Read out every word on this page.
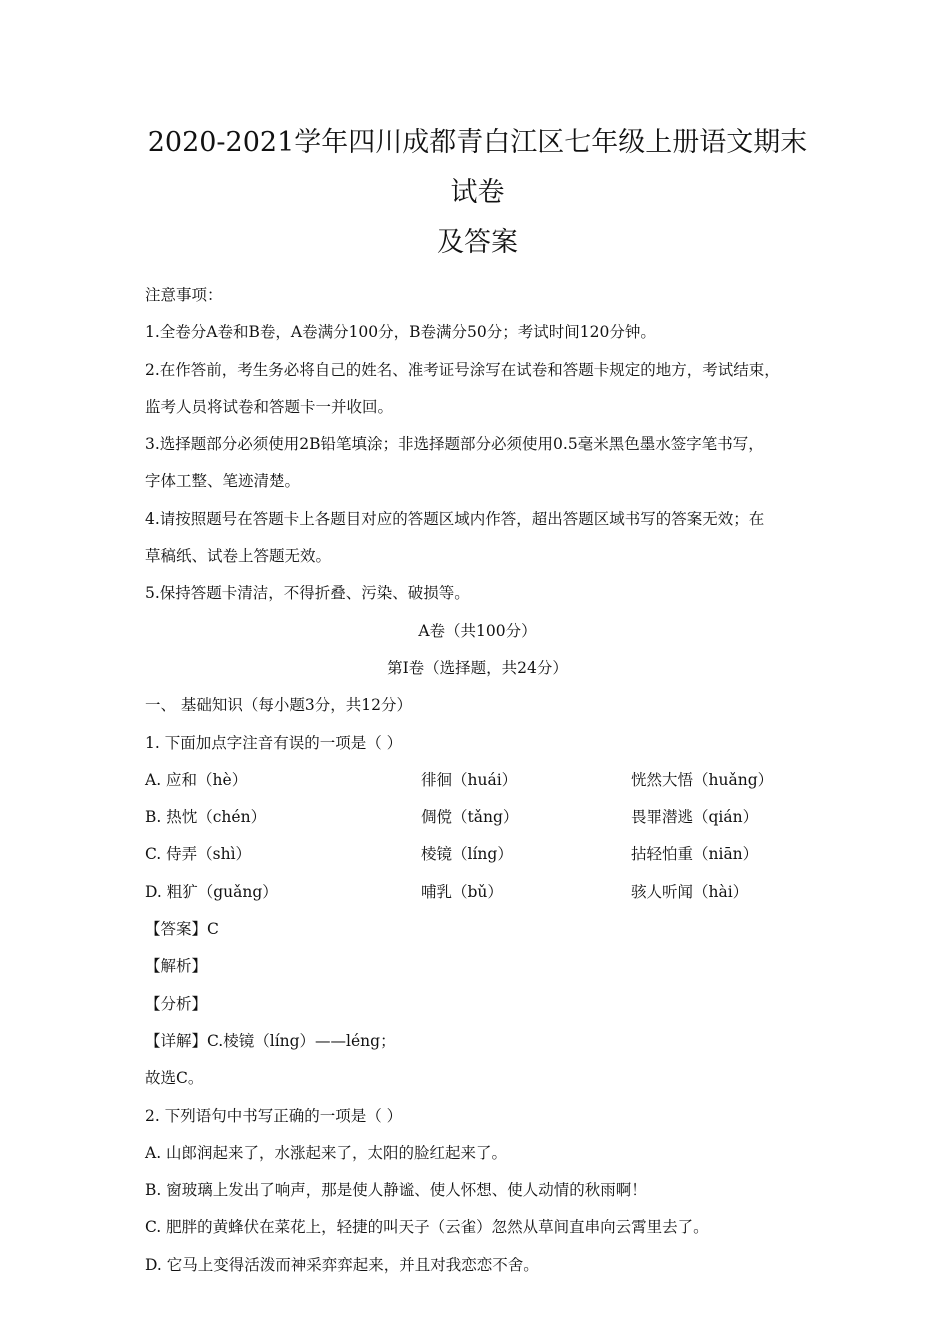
2020-2021学年四川成都青白江区七年级上册语文期末试卷
及答案
注意事项：
1.全卷分A卷和B卷，A卷满分100分，B卷满分50分；考试时间120分钟。
2.在作答前，考生务必将自己的姓名、准考证号涂写在试卷和答题卡规定的地方，考试结束，
监考人员将试卷和答题卡一并收回。
3.选择题部分必须使用2B铅笔填涂；非选择题部分必须使用0.5毫米黑色墨水签字笔书写，
字体工整、笔迹清楚。
4.请按照题号在答题卡上各题目对应的答题区域内作答，超出答题区域书写的答案无效；在
草稿纸、试卷上答题无效。
5.保持答题卡清洁，不得折叠、污染、破损等。
A卷（共100分）
第I卷（选择题，共24分）
一、 基础知识（每小题3分，共12分）
1. 下面加点字注音有误的一项是（ ）
A. 应和（hè）	徘徊（huái）	恍然大悟（huǎng）
B. 热忱（chén）	倜傥（tǎng）	畏罪潜逃（qián）
C. 侍弄（shì）	棱镜（líng）	拈轻怕重（niān）
D. 粗犷（guǎng）	哺乳（bǔ）	骇人听闻（hài）
【答案】C
【解析】
【分析】
【详解】C.棱镜（líng）——léng；
故选C。
2. 下列语句中书写正确的一项是（ ）
A. 山郎润起来了，水涨起来了，太阳的脸红起来了。
B. 窗玻璃上发出了响声，那是使人静谧、使人怀想、使人动情的秋雨啊！
C. 肥胖的黄蜂伏在菜花上，轻捷的叫天子（云雀）忽然从草间直串向云霄里去了。
D. 它马上变得活泼而神采弈弈起来，并且对我恋恋不舍。
